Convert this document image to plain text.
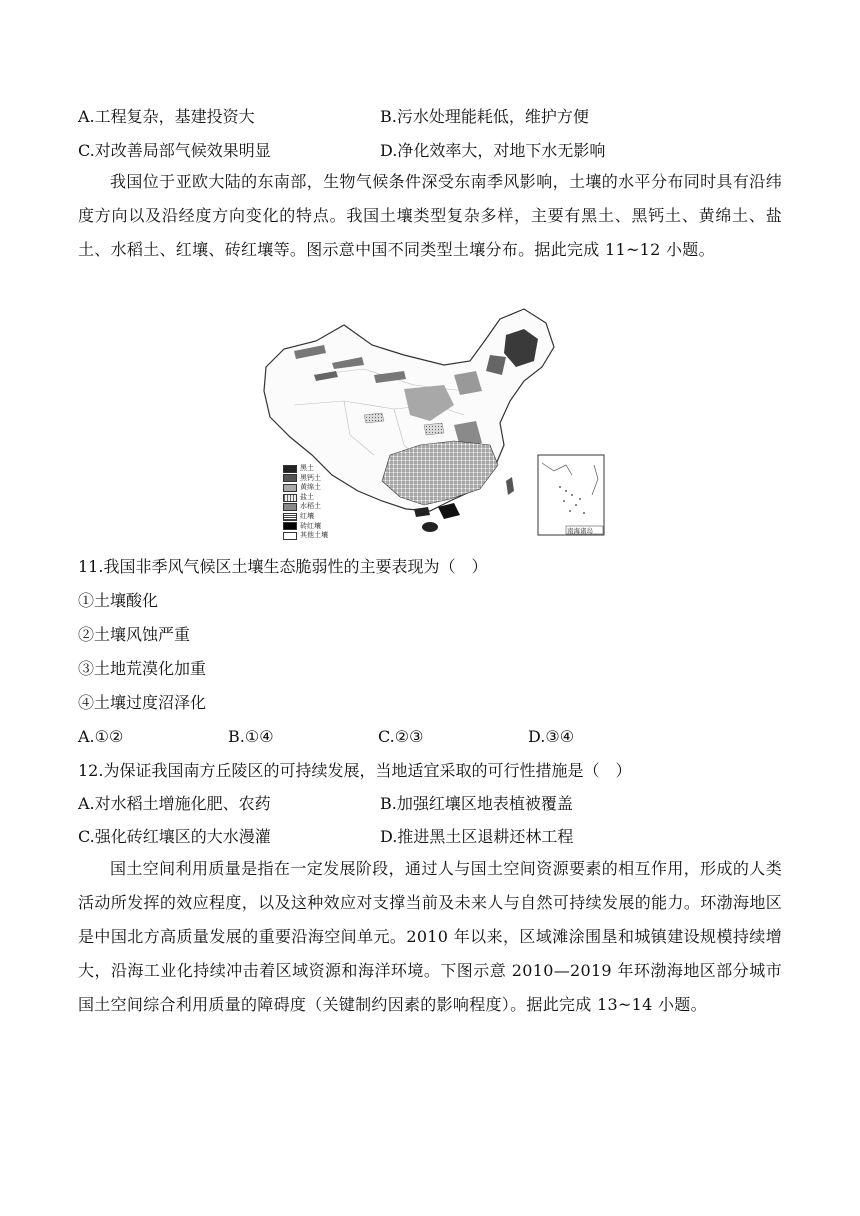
A.工程复杂，基建投资大	B.污水处理能耗低，维护方便
C.对改善局部气候效果明显	D.净化效率大，对地下水无影响
我国位于亚欧大陆的东南部，生物气候条件深受东南季风影响，土壤的水平分布同时具有沿纬度方向以及沿经度方向变化的特点。我国土壤类型复杂多样，主要有黑土、黑钙土、黄绵土、盐土、水稻土、红壤、砖红壤等。图示意中国不同类型土壤分布。据此完成 11~12 小题。
黑土
黑钙土
黄绵土
盐土
水稻土
红壤
砖红壤
其他土壤
南海诸岛
11.我国非季风气候区土壤生态脆弱性的主要表现为（　）
①土壤酸化
②土壤风蚀严重
③土地荒漠化加重
④土壤过度沼泽化
A.①②	B.①④	C.②③	D.③④
12.为保证我国南方丘陵区的可持续发展，当地适宜采取的可行性措施是（　）
A.对水稻土增施化肥、农药	B.加强红壤区地表植被覆盖
C.强化砖红壤区的大水漫灌	D.推进黑土区退耕还林工程
国土空间利用质量是指在一定发展阶段，通过人与国土空间资源要素的相互作用，形成的人类活动所发挥的效应程度，以及这种效应对支撑当前及未来人与自然可持续发展的能力。环渤海地区是中国北方高质量发展的重要沿海空间单元。2010 年以来，区域滩涂围垦和城镇建设规模持续增大，沿海工业化持续冲击着区域资源和海洋环境。下图示意 2010—2019 年环渤海地区部分城市国土空间综合利用质量的障碍度（关键制约因素的影响程度）。据此完成 13~14 小题。
